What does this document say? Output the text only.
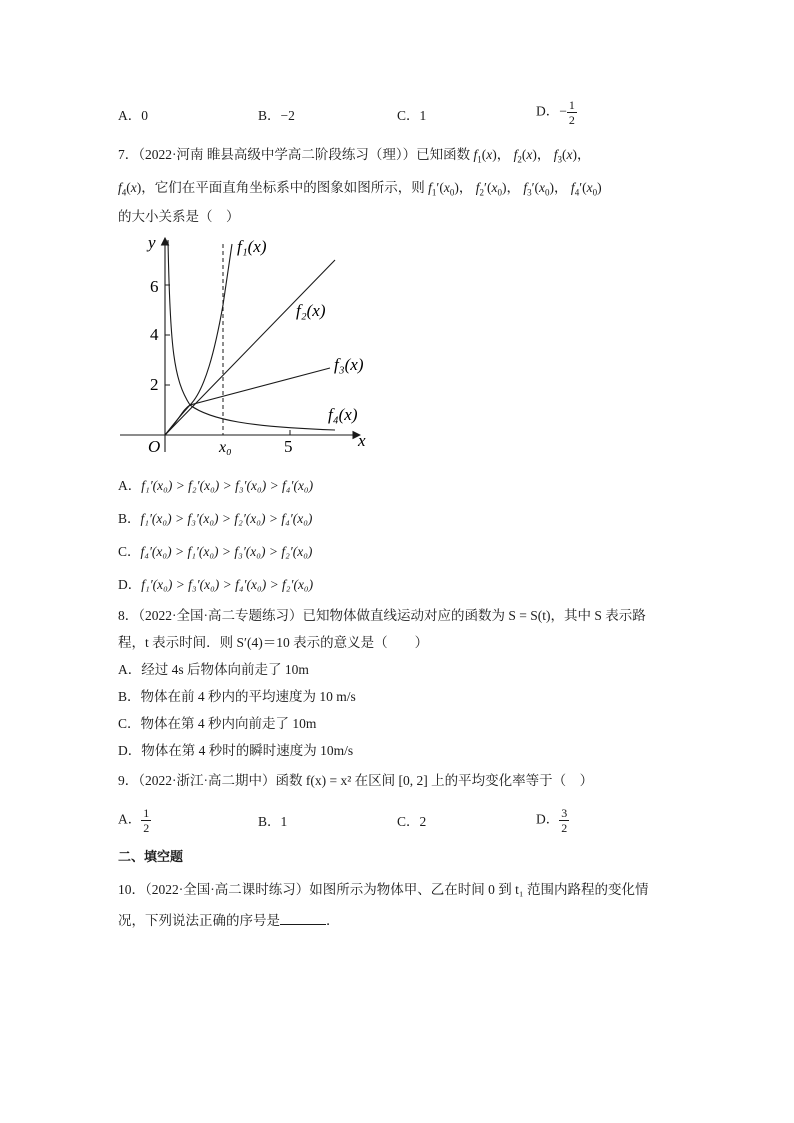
A．0	B．−2	C．1	D．− $\frac{1}{2}$
7．（2022·河南 睢县高级中学高二阶段练习（理））已知函数 $f_1(x)$， $f_2(x)$， $f_3(x)$，
$f_4(x)$，它们在平面直角坐标系中的图象如图所示，则 $f_1'(x_0)$， $f_2'(x_0)$， $f_3'(x_0)$， $f_4'(x_0)$
的大小关系是（　）
6
4
2
5
O
y
x
x₀
f₁(x)
f₂(x)
f₃(x)
f₄(x)
A．f₁′(x₀) > f₂′(x₀) > f₃′(x₀) > f₄′(x₀)
B．f₁′(x₀) > f₃′(x₀) > f₂′(x₀) > f₄′(x₀)
C．f₄′(x₀) > f₁′(x₀) > f₃′(x₀) > f₂′(x₀)
D．f₁′(x₀) > f₃′(x₀) > f₄′(x₀) > f₂′(x₀)
8．（2022·全国·高二专题练习）已知物体做直线运动对应的函数为 S = S(t)，其中 S 表示路
程，t 表示时间．则 S′(4)＝10 表示的意义是（　　）
A．经过 4s 后物体向前走了 10m
B．物体在前 4 秒内的平均速度为 10 m/s
C．物体在第 4 秒内向前走了 10m
D．物体在第 4 秒时的瞬时速度为 10m/s
9．（2022·浙江·高二期中）函数 f(x) = x² 在区间 [0, 2] 上的平均变化率等于（　）
A． $\frac{1}{2}$	B．1	C．2	D． $\frac{3}{2}$
二、填空题
10．（2022·全国·高二课时练习）如图所示为物体甲、乙在时间 0 到 t₁ 范围内路程的变化情
况，下列说法正确的序号是	．
